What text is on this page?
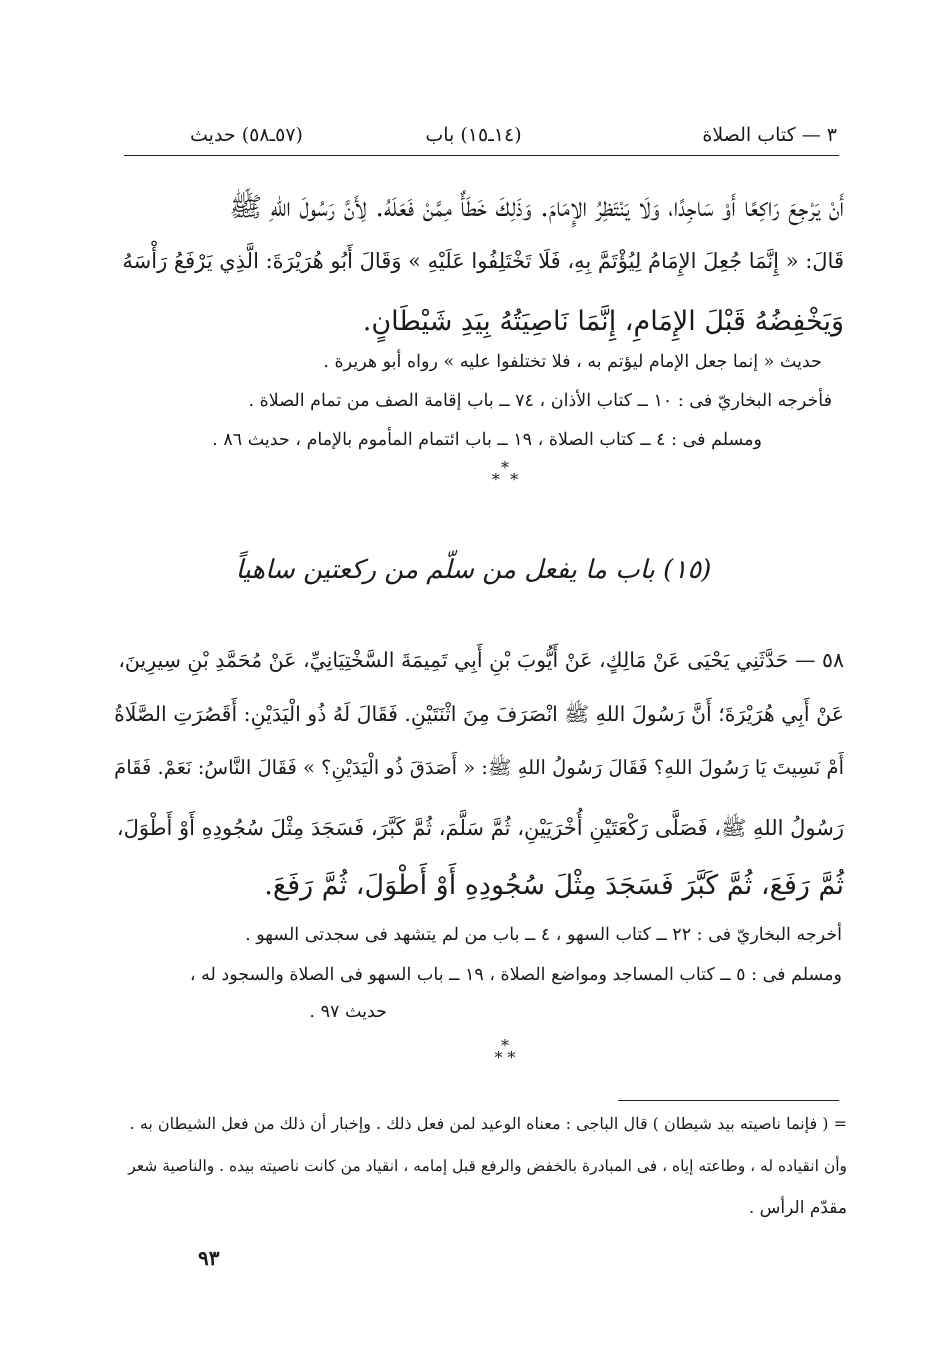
٣ — كتاب الصلاة
(١٤ـ١٥) باب
(٥٧ـ٥٨) حديث
أَنْ يَرْجِعَ رَاكِعًا أَوْ سَاجِدًا، وَلَا يَنْتَظِرُ الإِمَامَ. وَذَلِكَ خَطَأٌ مِمَّنْ فَعَلَهُ. لِأَنَّ رَسُولَ اللهِ ﷺ
قَالَ: « إِنَّمَا جُعِلَ الإِمَامُ لِيُؤْتَمَّ بِهِ، فَلَا تَخْتَلِفُوا عَلَيْهِ » وَقَالَ أَبُو هُرَيْرَةَ: الَّذِي يَرْفَعُ رَأْسَهُ
وَيَخْفِضُهُ قَبْلَ الإِمَامِ، إِنَّمَا نَاصِيَتُهُ بِيَدِ شَيْطَانٍ.
حديث « إنما جعل الإمام ليؤتم به ، فلا تختلفوا عليه » رواه أبو هريرة .
فأخرجه البخاريّ فى : ١٠ ــ كتاب الأذان ، ٧٤ ــ باب إقامة الصف من تمام الصلاة .
ومسلم فى : ٤ ــ كتاب الصلاة ، ١٩ ــ باب ائتمام المأموم بالإمام ، حديث ٨٦ .
*
* *
(١٥) باب ما يفعل من سلّم من ركعتين ساهياً
٥٨ — حَدَّثَنِي يَحْيَى عَنْ مَالِكٍ، عَنْ أَيُّوبَ بْنِ أَبِي تَمِيمَةَ السَّخْتِيَانِيِّ، عَنْ مُحَمَّدِ بْنِ سِيرِينَ،
عَنْ أَبِي هُرَيْرَةَ؛ أَنَّ رَسُولَ اللهِ ﷺ انْصَرَفَ مِنَ اثْنَتَيْنِ. فَقَالَ لَهُ ذُو الْيَدَيْنِ: أَقَصُرَتِ الصَّلَاةُ
أَمْ نَسِيتَ يَا رَسُولَ اللهِ؟ فَقَالَ رَسُولُ اللهِ ﷺ: « أَصَدَقَ ذُو الْيَدَيْنِ؟ » فَقَالَ النَّاسُ: نَعَمْ. فَقَامَ
رَسُولُ اللهِ ﷺ، فَصَلَّى رَكْعَتَيْنِ أُخْرَيَيْنِ، ثُمَّ سَلَّمَ، ثُمَّ كَبَّرَ، فَسَجَدَ مِثْلَ سُجُودِهِ أَوْ أَطْوَلَ،
ثُمَّ رَفَعَ، ثُمَّ كَبَّرَ فَسَجَدَ مِثْلَ سُجُودِهِ أَوْ أَطْوَلَ، ثُمَّ رَفَعَ.
أخرجه البخاريّ فى : ٢٢ ــ كتاب السهو ، ٤ ــ باب من لم يتشهد فى سجدتى السهو .
ومسلم فى : ٥ ــ كتاب المساجد ومواضع الصلاة ، ١٩ ــ باب السهو فى الصلاة والسجود له ،
حديث ٩٧ .
*
* *
= ( فإنما ناصيته بيد شيطان ) قال الباجى : معناه الوعيد لمن فعل ذلك . وإخبار أن ذلك من فعل الشيطان به .
وأن انقياده له ، وطاعته إياه ، فى المبادرة بالخفض والرفع قبل إمامه ، انقياد من كانت ناصيته بيده . والناصية شعر
مقدّم الرأس .
٩٣
